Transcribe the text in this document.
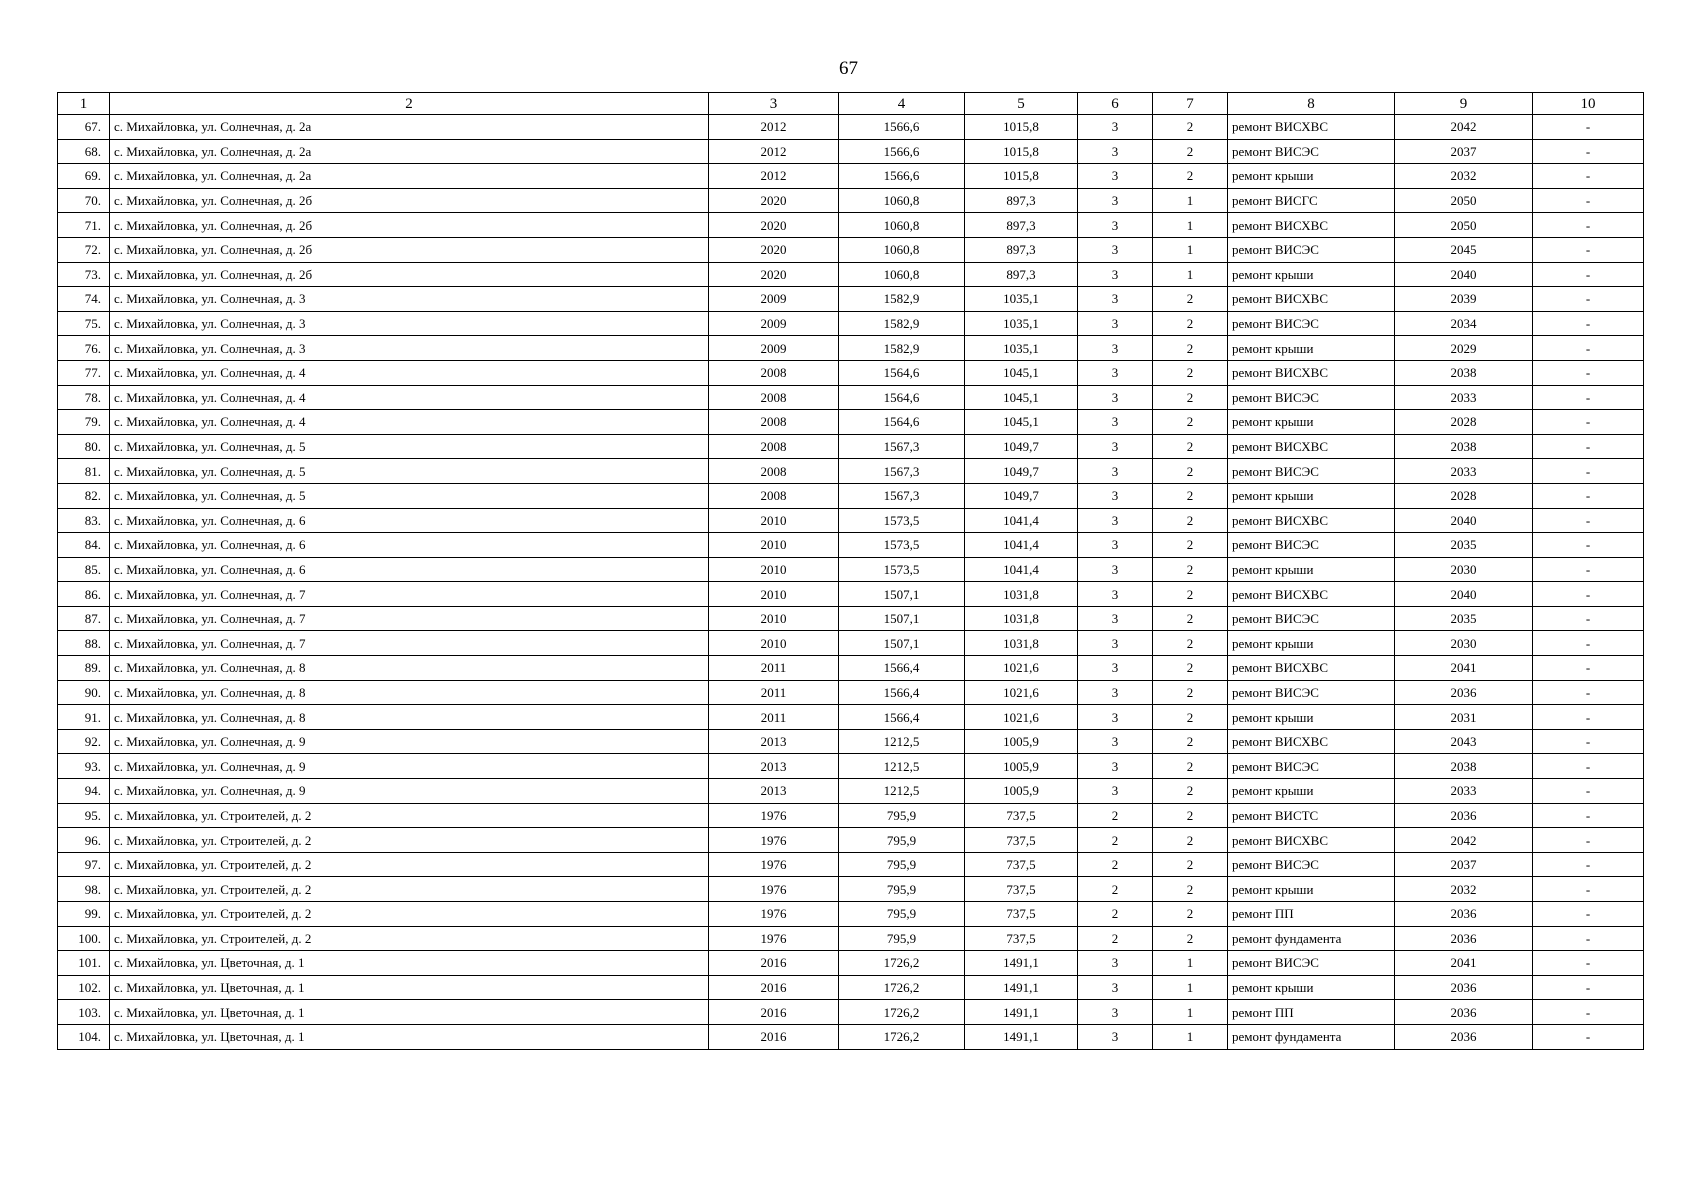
67
1	2	3	4	5	6	7	8	9	10
67.	с. Михайловка, ул. Солнечная, д. 2а	2012	1566,6	1015,8	3	2	ремонт ВИСХВС	2042	-
68.	с. Михайловка, ул. Солнечная, д. 2а	2012	1566,6	1015,8	3	2	ремонт ВИСЭС	2037	-
69.	с. Михайловка, ул. Солнечная, д. 2а	2012	1566,6	1015,8	3	2	ремонт крыши	2032	-
70.	с. Михайловка, ул. Солнечная, д. 2б	2020	1060,8	897,3	3	1	ремонт ВИСГС	2050	-
71.	с. Михайловка, ул. Солнечная, д. 2б	2020	1060,8	897,3	3	1	ремонт ВИСХВС	2050	-
72.	с. Михайловка, ул. Солнечная, д. 2б	2020	1060,8	897,3	3	1	ремонт ВИСЭС	2045	-
73.	с. Михайловка, ул. Солнечная, д. 2б	2020	1060,8	897,3	3	1	ремонт крыши	2040	-
74.	с. Михайловка, ул. Солнечная, д. 3	2009	1582,9	1035,1	3	2	ремонт ВИСХВС	2039	-
75.	с. Михайловка, ул. Солнечная, д. 3	2009	1582,9	1035,1	3	2	ремонт ВИСЭС	2034	-
76.	с. Михайловка, ул. Солнечная, д. 3	2009	1582,9	1035,1	3	2	ремонт крыши	2029	-
77.	с. Михайловка, ул. Солнечная, д. 4	2008	1564,6	1045,1	3	2	ремонт ВИСХВС	2038	-
78.	с. Михайловка, ул. Солнечная, д. 4	2008	1564,6	1045,1	3	2	ремонт ВИСЭС	2033	-
79.	с. Михайловка, ул. Солнечная, д. 4	2008	1564,6	1045,1	3	2	ремонт крыши	2028	-
80.	с. Михайловка, ул. Солнечная, д. 5	2008	1567,3	1049,7	3	2	ремонт ВИСХВС	2038	-
81.	с. Михайловка, ул. Солнечная, д. 5	2008	1567,3	1049,7	3	2	ремонт ВИСЭС	2033	-
82.	с. Михайловка, ул. Солнечная, д. 5	2008	1567,3	1049,7	3	2	ремонт крыши	2028	-
83.	с. Михайловка, ул. Солнечная, д. 6	2010	1573,5	1041,4	3	2	ремонт ВИСХВС	2040	-
84.	с. Михайловка, ул. Солнечная, д. 6	2010	1573,5	1041,4	3	2	ремонт ВИСЭС	2035	-
85.	с. Михайловка, ул. Солнечная, д. 6	2010	1573,5	1041,4	3	2	ремонт крыши	2030	-
86.	с. Михайловка, ул. Солнечная, д. 7	2010	1507,1	1031,8	3	2	ремонт ВИСХВС	2040	-
87.	с. Михайловка, ул. Солнечная, д. 7	2010	1507,1	1031,8	3	2	ремонт ВИСЭС	2035	-
88.	с. Михайловка, ул. Солнечная, д. 7	2010	1507,1	1031,8	3	2	ремонт крыши	2030	-
89.	с. Михайловка, ул. Солнечная, д. 8	2011	1566,4	1021,6	3	2	ремонт ВИСХВС	2041	-
90.	с. Михайловка, ул. Солнечная, д. 8	2011	1566,4	1021,6	3	2	ремонт ВИСЭС	2036	-
91.	с. Михайловка, ул. Солнечная, д. 8	2011	1566,4	1021,6	3	2	ремонт крыши	2031	-
92.	с. Михайловка, ул. Солнечная, д. 9	2013	1212,5	1005,9	3	2	ремонт ВИСХВС	2043	-
93.	с. Михайловка, ул. Солнечная, д. 9	2013	1212,5	1005,9	3	2	ремонт ВИСЭС	2038	-
94.	с. Михайловка, ул. Солнечная, д. 9	2013	1212,5	1005,9	3	2	ремонт крыши	2033	-
95.	с. Михайловка, ул. Строителей, д. 2	1976	795,9	737,5	2	2	ремонт ВИСТС	2036	-
96.	с. Михайловка, ул. Строителей, д. 2	1976	795,9	737,5	2	2	ремонт ВИСХВС	2042	-
97.	с. Михайловка, ул. Строителей, д. 2	1976	795,9	737,5	2	2	ремонт ВИСЭС	2037	-
98.	с. Михайловка, ул. Строителей, д. 2	1976	795,9	737,5	2	2	ремонт крыши	2032	-
99.	с. Михайловка, ул. Строителей, д. 2	1976	795,9	737,5	2	2	ремонт ПП	2036	-
100.	с. Михайловка, ул. Строителей, д. 2	1976	795,9	737,5	2	2	ремонт фундамента	2036	-
101.	с. Михайловка, ул. Цветочная, д. 1	2016	1726,2	1491,1	3	1	ремонт ВИСЭС	2041	-
102.	с. Михайловка, ул. Цветочная, д. 1	2016	1726,2	1491,1	3	1	ремонт крыши	2036	-
103.	с. Михайловка, ул. Цветочная, д. 1	2016	1726,2	1491,1	3	1	ремонт ПП	2036	-
104.	с. Михайловка, ул. Цветочная, д. 1	2016	1726,2	1491,1	3	1	ремонт фундамента	2036	-
